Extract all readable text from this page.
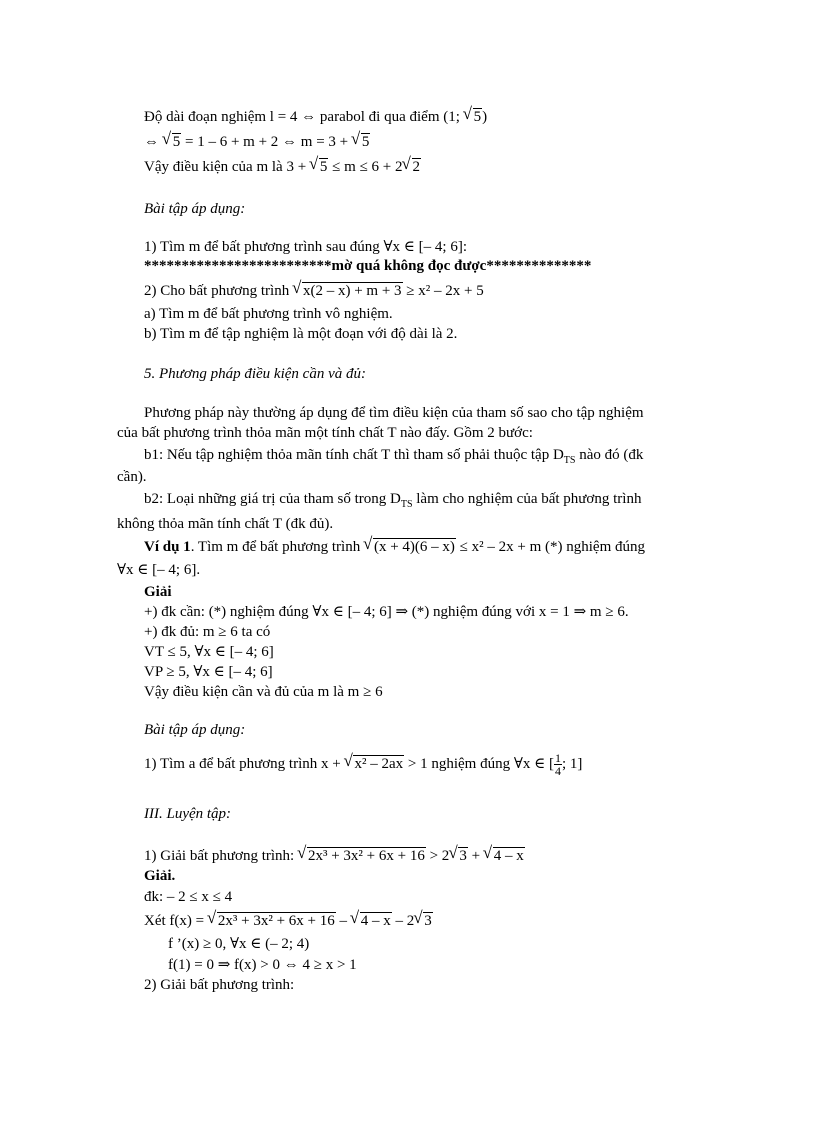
Độ dài đoạn nghiệm l = 4 ⇔ parabol đi qua điểm (1; √ 5)
⇔ √ 5 = 1 – 6 + m + 2 ⇔ m = 3 + √ 5
Vậy điều kiện của m là 3 + √ 5 ≤ m ≤ 6 + 2 √ 2
Bài tập áp dụng:
1) Tìm m để bất phương trình sau đúng ∀x ∈ [– 4; 6]:
*************************mờ quá không đọc được**************
2) Cho bất phương trình √ x(2 – x) + m + 3 ≥ x² – 2x + 5
a) Tìm m để bất phương trình vô nghiệm.
b) Tìm m để tập nghiệm là một đoạn với độ dài là 2.
5. Phương pháp điều kiện cần và đủ:
Phương pháp này thường áp dụng để tìm điều kiện của tham số sao cho tập nghiệm
của bất phương trình thỏa mãn một tính chất T nào đấy. Gồm 2 bước:
b1: Nếu tập nghiệm thỏa mãn tính chất T thì tham số phải thuộc tập $D_{TS}$ nào đó (đk
cần).
b2: Loại những giá trị của tham số trong $D_{TS}$ làm cho nghiệm của bất phương trình
không thỏa mãn tính chất T (đk đủ).
Ví dụ 1. Tìm m để bất phương trình √ (x + 4)(6 – x) ≤ x² – 2x + m (*) nghiệm đúng
∀x ∈ [– 4; 6].
Giải
+) đk cần: (*) nghiệm đúng ∀x ∈ [– 4; 6] ⇒ (*) nghiệm đúng với x = 1 ⇒ m ≥ 6.
+) đk đủ: m ≥ 6 ta có
VT ≤ 5, ∀x ∈ [– 4; 6]
VP ≥ 5, ∀x ∈ [– 4; 6]
Vậy điều kiện cần và đủ của m là m ≥ 6
Bài tập áp dụng:
1) Tìm a để bất phương trình x + √ x² – 2ax > 1 nghiệm đúng ∀x ∈ [ $\frac{1}{4}$ ; 1]
III. Luyện tập:
1) Giải bất phương trình: √ 2x³ + 3x² + 6x + 16 > 2 √ 3 + √ 4 – x
Giải.
đk: – 2 ≤ x ≤ 4
Xét f(x) = √ 2x³ + 3x² + 6x + 16 – √ 4 – x – 2 √ 3
f ’(x) ≥ 0, ∀x ∈ (– 2; 4)
f(1) = 0 ⇒ f(x) > 0 ⇔ 4 ≥ x > 1
2) Giải bất phương trình:
